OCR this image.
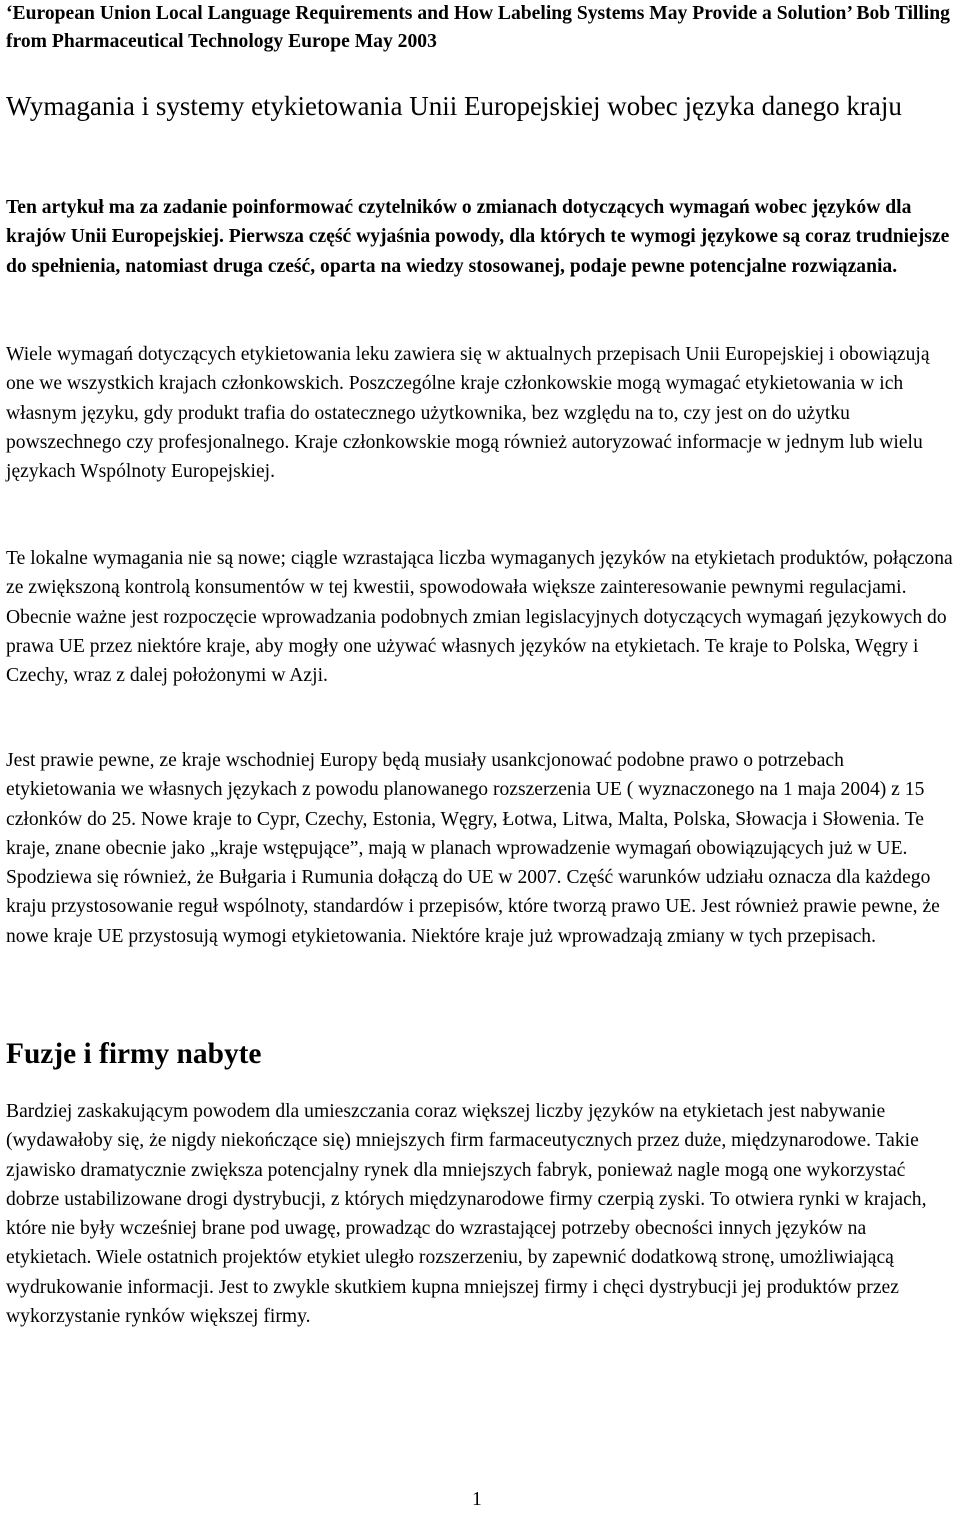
‘European Union Local Language Requirements and How Labeling Systems May Provide a Solution’ Bob Tilling from Pharmaceutical Technology Europe May 2003

Wymagania i systemy etykietowania Unii Europejskiej wobec języka danego kraju

Ten artykuł ma za zadanie poinformować czytelników o zmianach dotyczących wymagań wobec języków dla krajów Unii Europejskiej. Pierwsza część wyjaśnia powody, dla których te wymogi językowe są coraz trudniejsze do spełnienia, natomiast druga cześć, oparta na wiedzy stosowanej, podaje pewne potencjalne rozwiązania.

Wiele wymagań dotyczących etykietowania leku zawiera się w aktualnych przepisach Unii Europejskiej i obowiązują one we wszystkich krajach członkowskich. Poszczególne kraje członkowskie mogą wymagać etykietowania w ich własnym języku, gdy produkt trafia do ostatecznego użytkownika, bez względu na to, czy jest on do użytku powszechnego czy profesjonalnego. Kraje członkowskie mogą również autoryzować informacje w jednym lub wielu językach Wspólnoty Europejskiej.

Te lokalne wymagania nie są nowe; ciągle wzrastająca liczba wymaganych języków na etykietach produktów, połączona ze zwiększoną kontrolą konsumentów w tej kwestii, spowodowała większe zainteresowanie pewnymi regulacjami. Obecnie ważne jest rozpoczęcie wprowadzania podobnych zmian legislacyjnych dotyczących wymagań językowych do prawa UE przez niektóre kraje, aby mogły one używać własnych języków na etykietach. Te kraje to Polska, Węgry i Czechy, wraz z dalej położonymi w Azji.

Jest prawie pewne, ze kraje wschodniej Europy będą musiały usankcjonować podobne prawo o potrzebach etykietowania we własnych językach z powodu planowanego rozszerzenia UE ( wyznaczonego na 1 maja 2004) z 15 członków do 25. Nowe kraje to Cypr, Czechy, Estonia, Węgry, Łotwa, Litwa, Malta, Polska, Słowacja i Słowenia. Te kraje, znane obecnie jako „kraje wstępujące”, mają w planach wprowadzenie wymagań obowiązujących już w UE. Spodziewa się również, że Bułgaria i Rumunia dołączą do UE w 2007. Część warunków udziału oznacza dla każdego kraju przystosowanie reguł wspólnoty, standardów i przepisów, które tworzą prawo UE. Jest również prawie pewne, że nowe kraje UE przystosują wymogi etykietowania. Niektóre kraje już wprowadzają zmiany w tych przepisach.

Fuzje i firmy nabyte

Bardziej zaskakującym powodem dla umieszczania coraz większej liczby języków na etykietach jest nabywanie (wydawałoby się, że nigdy niekończące się) mniejszych firm farmaceutycznych przez duże, międzynarodowe. Takie zjawisko dramatycznie zwiększa potencjalny rynek dla mniejszych fabryk, ponieważ nagle mogą one wykorzystać dobrze ustabilizowane drogi dystrybucji, z których międzynarodowe firmy czerpią zyski. To otwiera rynki w krajach, które nie były wcześniej brane pod uwagę, prowadząc do wzrastającej potrzeby obecności innych języków na etykietach. Wiele ostatnich projektów etykiet uległo rozszerzeniu, by zapewnić dodatkową stronę, umożliwiającą wydrukowanie informacji. Jest to zwykle skutkiem kupna mniejszej firmy i chęci dystrybucji jej produktów przez wykorzystanie rynków większej firmy.

1
